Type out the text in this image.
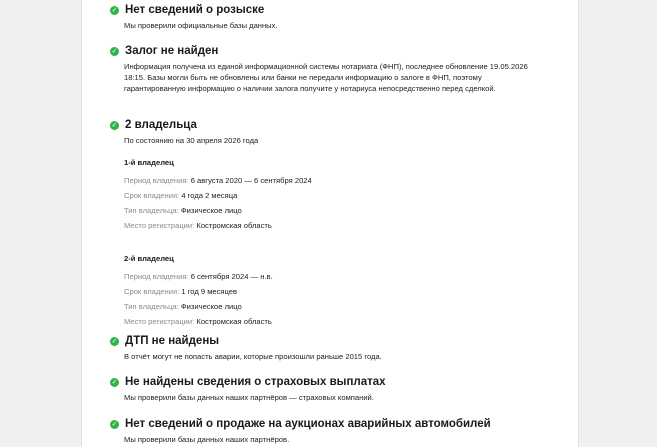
✓ Нет сведений о розыске
Мы проверили официальные базы данных.
✓ Залог не найден
Информация получена из единой информационной системы нотариата (ФНП), последнее обновление 19.05.2026 18:15. Базы могли быть не обновлены или банки не передали информацию о залоге в ФНП, поэтому гарантированную информацию о наличии залога получите у нотариуса непосредственно перед сделкой.
✓ 2 владельца
По состоянию на 30 апреля 2026 года
1-й владелец
Период владения: 6 августа 2020 — 6 сентября 2024
Срок владения: 4 года 2 месяца
Тип владельца: Физическое лицо
Место регистрации: Костромская область
2-й владелец
Период владения: 6 сентября 2024 — н.в.
Срок владения: 1 год 9 месяцев
Тип владельца: Физическое лицо
Место регистрации: Костромская область
✓ ДТП не найдены
В отчёт могут не попасть аварии, которые произошли раньше 2015 года.
✓ Не найдены сведения о страховых выплатах
Мы проверили базы данных наших партнёров — страховых компаний.
✓ Нет сведений о продаже на аукционах аварийных автомобилей
Мы проверили базы данных наших партнёров.
